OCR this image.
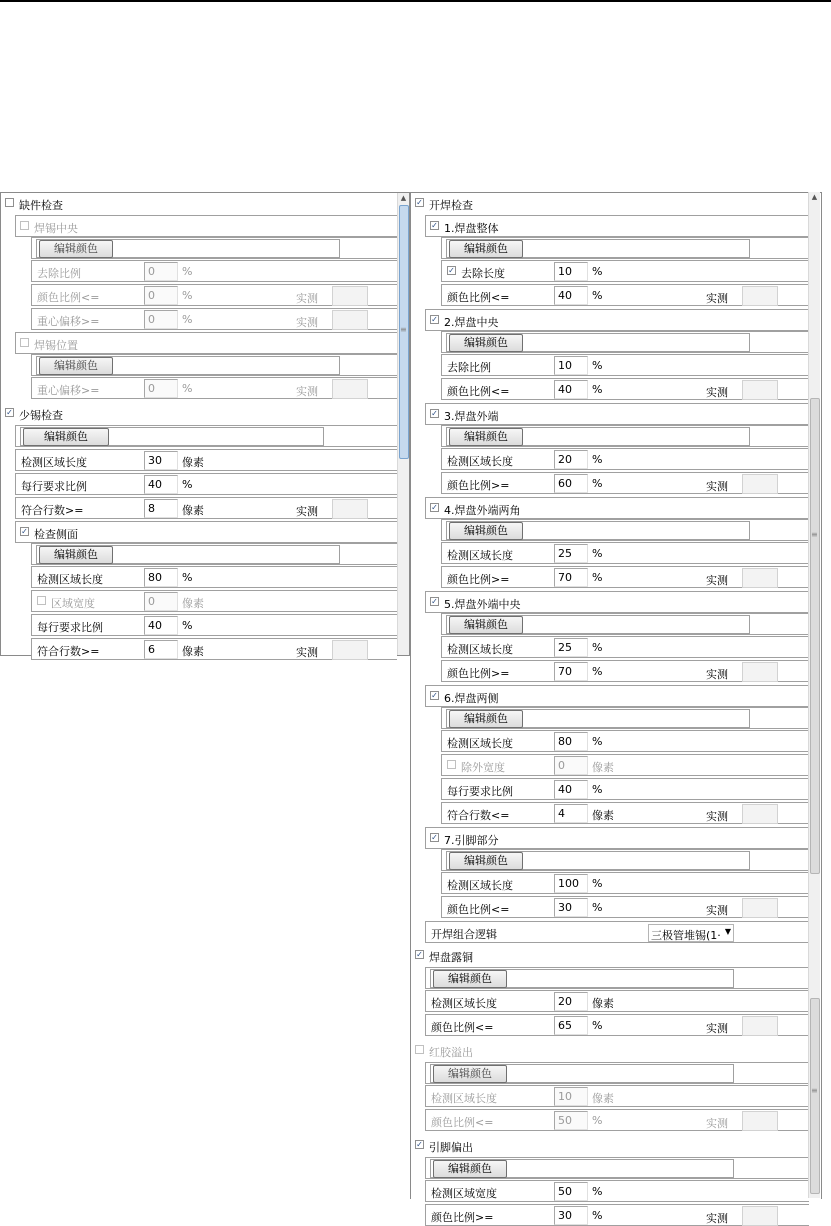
缺件检查
焊锡中央
编辑颜色
去除比例	0	%
颜色比例<=	0	%	实测
重心偏移>=	0	%	实测
焊锡位置
编辑颜色
重心偏移>=	0	%	实测
✓ 少锡检查
编辑颜色
检测区域长度	30	像素
每行要求比例	40	%
符合行数>=	8	像素	实测
✓ 检查侧面
编辑颜色
检测区域长度	80	%
区域宽度	0	像素
每行要求比例	40	%
符合行数>=	6	像素	实测
▲
≡
✓ 开焊检查
✓ 1.焊盘整体
编辑颜色
✓ 去除长度	10	%
颜色比例<=	40	%	实测
✓ 2.焊盘中央
编辑颜色
去除比例	10	%
颜色比例<=	40	%	实测
✓ 3.焊盘外端
编辑颜色
检测区域长度	20	%
颜色比例>=	60	%	实测
✓ 4.焊盘外端两角
编辑颜色
检测区域长度	25	%
颜色比例>=	70	%	实测
✓ 5.焊盘外端中央
编辑颜色
检测区域长度	25	%
颜色比例>=	70	%	实测
✓ 6.焊盘两侧
编辑颜色
检测区域长度	80	%
除外宽度	0	像素
每行要求比例	40	%
符合行数<=	4	像素	实测
✓ 7.引脚部分
编辑颜色
检测区域长度	100	%
颜色比例<=	30	%	实测
开焊组合逻辑	三极管堆锡(1· ▼
✓ 焊盘露铜
编辑颜色
检测区域长度	20	像素
颜色比例<=	65	%	实测
红胶溢出
编辑颜色
检测区域长度	10	像素
颜色比例<=	50	%	实测
✓ 引脚偏出
编辑颜色
检测区域宽度	50	%
颜色比例>=	30	%	实测
▲
≡
≡
